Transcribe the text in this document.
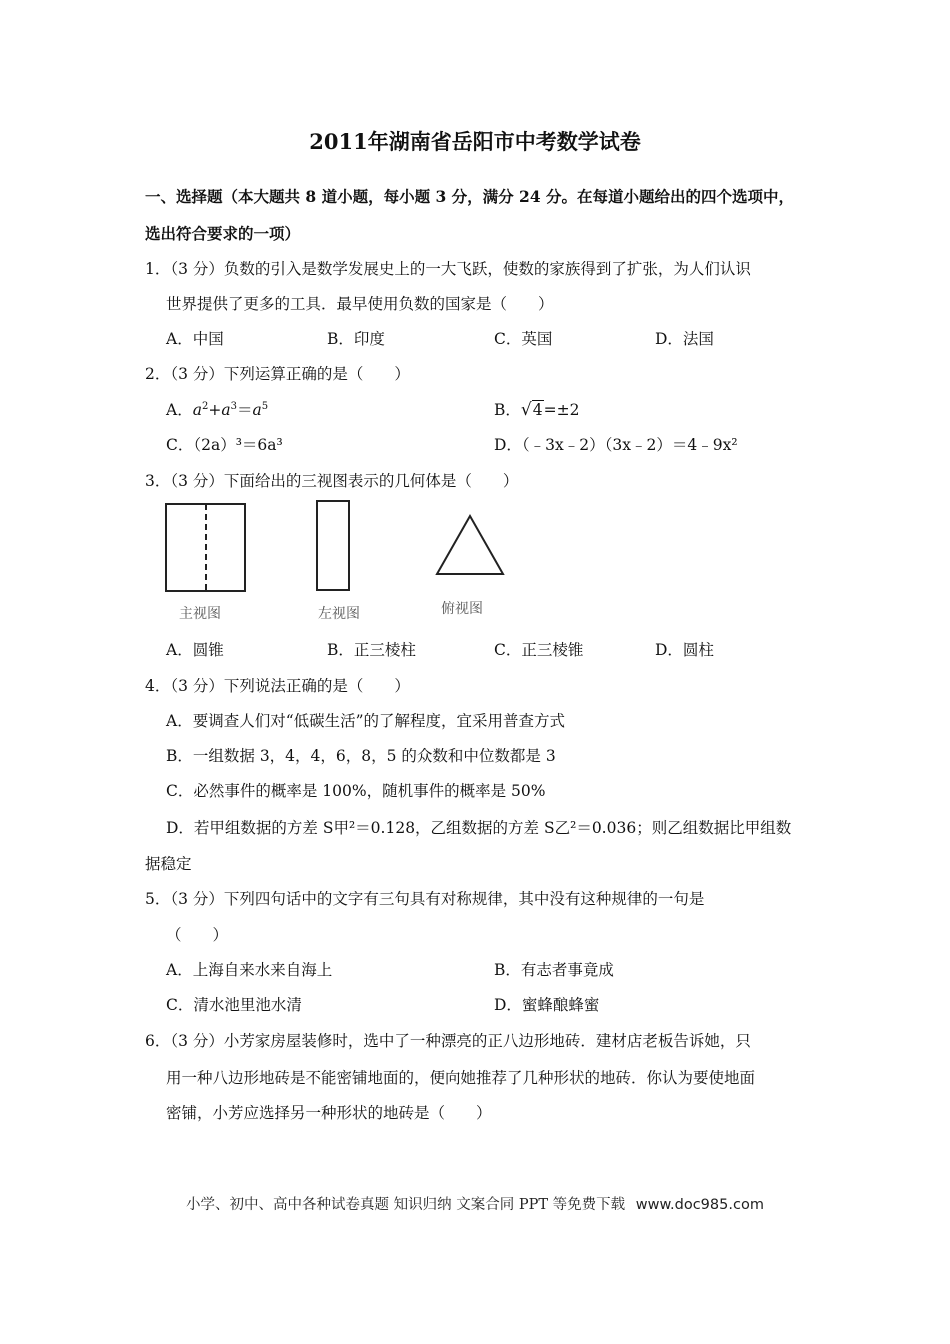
2011年湖南省岳阳市中考数学试卷
一、选择题（本大题共 8 道小题，每小题 3 分，满分 24 分。在每道小题给出的四个选项中，
选出符合要求的一项）
1．（3 分）负数的引入是数学发展史上的一大飞跃，使数的家族得到了扩张，为人们认识
世界提供了更多的工具．最早使用负数的国家是（　　）
A．中国	B．印度	C．英国	D．法国
2．（3 分）下列运算正确的是（　　）
A．$a^2+a^3=a^5$	B．√4=±2
C．（2a）³＝6a³	D．（﹣3x﹣2）（3x﹣2）＝4﹣9x²
3．（3 分）下面给出的三视图表示的几何体是（　　）
主视图	左视图	俯视图
A．圆锥	B．正三棱柱	C．正三棱锥	D．圆柱
4．（3 分）下列说法正确的是（　　）
A．要调查人们对“低碳生活”的了解程度，宜采用普查方式
B．一组数据 3，4，4，6，8，5 的众数和中位数都是 3
C．必然事件的概率是 100%，随机事件的概率是 50%
D．若甲组数据的方差 S甲²＝0.128，乙组数据的方差 S乙²＝0.036；则乙组数据比甲组数
据稳定
5．（3 分）下列四句话中的文字有三句具有对称规律，其中没有这种规律的一句是
（　　）
A．上海自来水来自海上	B．有志者事竟成
C．清水池里池水清	D．蜜蜂酿蜂蜜
6．（3 分）小芳家房屋装修时，选中了一种漂亮的正八边形地砖．建材店老板告诉她，只
用一种八边形地砖是不能密铺地面的，便向她推荐了几种形状的地砖．你认为要使地面
密铺，小芳应选择另一种形状的地砖是（　　）
小学、初中、高中各种试卷真题 知识归纳 文案合同 PPT 等免费下载 www.doc985.com
